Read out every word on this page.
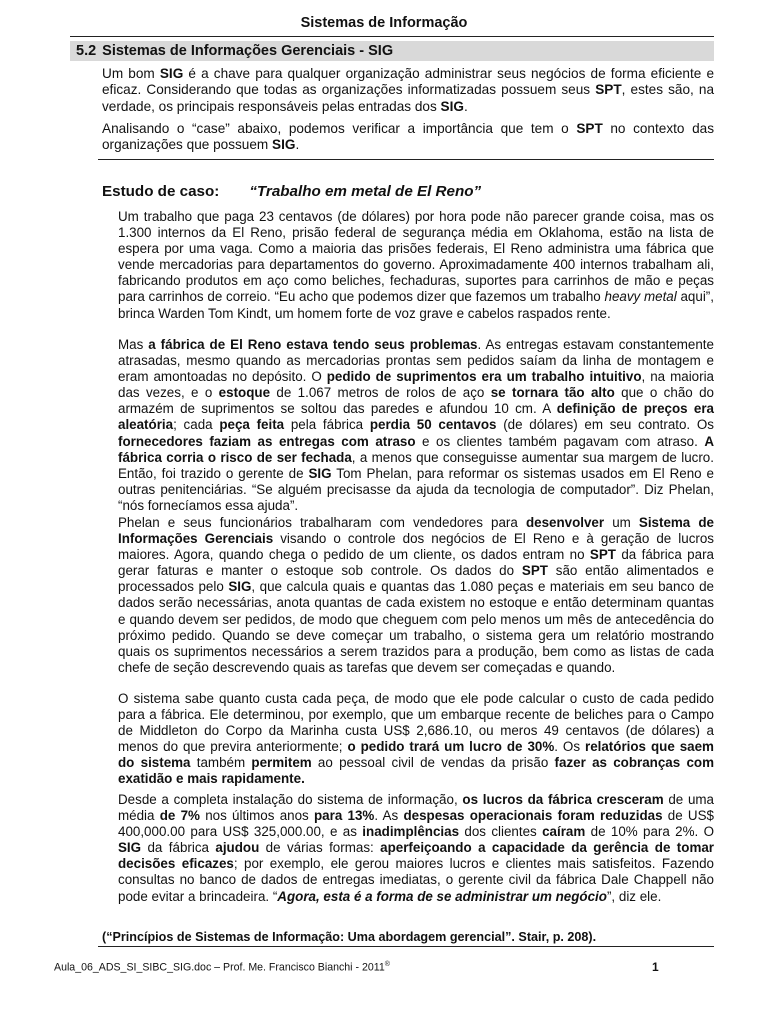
Sistemas de Informação
5.2 Sistemas de Informações Gerenciais - SIG
Um bom SIG é a chave para qualquer organização administrar seus negócios de forma eficiente e eficaz. Considerando que todas as organizações informatizadas possuem seus SPT, estes são, na verdade, os principais responsáveis pelas entradas dos SIG.
Analisando o “case” abaixo, podemos verificar a importância que tem o SPT no contexto das organizações que possuem SIG.
Estudo de caso: “Trabalho em metal de El Reno”
Um trabalho que paga 23 centavos (de dólares) por hora pode não parecer grande coisa, mas os 1.300 internos da El Reno, prisão federal de segurança média em Oklahoma, estão na lista de espera por uma vaga. Como a maioria das prisões federais, El Reno administra uma fábrica que vende mercadorias para departamentos do governo. Aproximadamente 400 internos trabalham ali, fabricando produtos em aço como beliches, fechaduras, suportes para carrinhos de mão e peças para carrinhos de correio. “Eu acho que podemos dizer que fazemos um trabalho heavy metal aqui”, brinca Warden Tom Kindt, um homem forte de voz grave e cabelos raspados rente.
Mas a fábrica de El Reno estava tendo seus problemas. As entregas estavam constantemente atrasadas, mesmo quando as mercadorias prontas sem pedidos saíam da linha de montagem e eram amontoadas no depósito. O pedido de suprimentos era um trabalho intuitivo, na maioria das vezes, e o estoque de 1.067 metros de rolos de aço se tornara tão alto que o chão do armazém de suprimentos se soltou das paredes e afundou 10 cm. A definição de preços era aleatória; cada peça feita pela fábrica perdia 50 centavos (de dólares) em seu contrato. Os fornecedores faziam as entregas com atraso e os clientes também pagavam com atraso. A fábrica corria o risco de ser fechada, a menos que conseguisse aumentar sua margem de lucro. Então, foi trazido o gerente de SIG Tom Phelan, para reformar os sistemas usados em El Reno e outras penitenciárias. “Se alguém precisasse da ajuda da tecnologia de computador”. Diz Phelan, “nós fornecíamos essa ajuda”.
Phelan e seus funcionários trabalharam com vendedores para desenvolver um Sistema de Informações Gerenciais visando o controle dos negócios de El Reno e à geração de lucros maiores. Agora, quando chega o pedido de um cliente, os dados entram no SPT da fábrica para gerar faturas e manter o estoque sob controle. Os dados do SPT são então alimentados e processados pelo SIG, que calcula quais e quantas das 1.080 peças e materiais em seu banco de dados serão necessárias, anota quantas de cada existem no estoque e então determinam quantas e quando devem ser pedidos, de modo que cheguem com pelo menos um mês de antecedência do próximo pedido. Quando se deve começar um trabalho, o sistema gera um relatório mostrando quais os suprimentos necessários a serem trazidos para a produção, bem como as listas de cada chefe de seção descrevendo quais as tarefas que devem ser começadas e quando.
O sistema sabe quanto custa cada peça, de modo que ele pode calcular o custo de cada pedido para a fábrica. Ele determinou, por exemplo, que um embarque recente de beliches para o Campo de Middleton do Corpo da Marinha custa US$ 2,686.10, ou meros 49 centavos (de dólares) a menos do que previra anteriormente; o pedido trará um lucro de 30%. Os relatórios que saem do sistema também permitem ao pessoal civil de vendas da prisão fazer as cobranças com exatidão e mais rapidamente.
Desde a completa instalação do sistema de informação, os lucros da fábrica cresceram de uma média de 7% nos últimos anos para 13%. As despesas operacionais foram reduzidas de US$ 400,000.00 para US$ 325,000.00, e as inadimplências dos clientes caíram de 10% para 2%. O SIG da fábrica ajudou de várias formas: aperfeiçoando a capacidade da gerência de tomar decisões eficazes; por exemplo, ele gerou maiores lucros e clientes mais satisfeitos. Fazendo consultas no banco de dados de entregas imediatas, o gerente civil da fábrica Dale Chappell não pode evitar a brincadeira. “Agora, esta é a forma de se administrar um negócio”, diz ele.
(“Princípios de Sistemas de Informação: Uma abordagem gerencial”. Stair, p. 208).
Aula_06_ADS_SI_SIBC_SIG.doc – Prof. Me. Francisco Bianchi - 2011®	1
